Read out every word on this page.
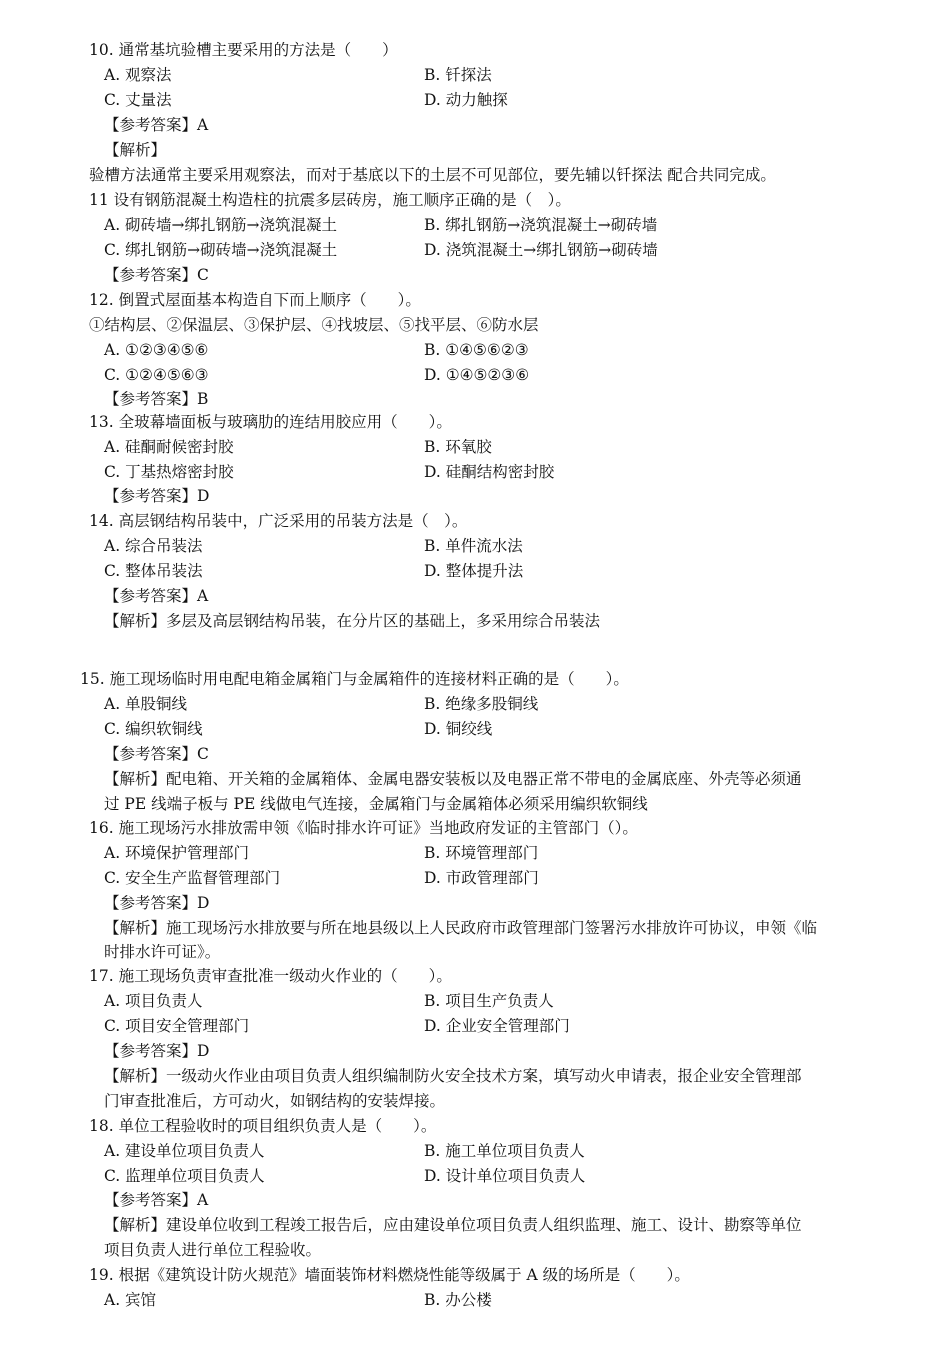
10. 通常基坑验槽主要采用的方法是（　　）
A. 观察法	B. 钎探法
C. 丈量法	D. 动力触探
【参考答案】A
【解析】
验槽方法通常主要采用观察法，而对于基底以下的土层不可见部位，要先辅以钎探法 配合共同完成。
11 设有钢筋混凝土构造柱的抗震多层砖房，施工顺序正确的是（　）。
A. 砌砖墙→绑扎钢筋→浇筑混凝土	B. 绑扎钢筋→浇筑混凝土→砌砖墙
C. 绑扎钢筋→砌砖墙→浇筑混凝土	D. 浇筑混凝土→绑扎钢筋→砌砖墙
【参考答案】C
12. 倒置式屋面基本构造自下而上顺序（　　）。
①结构层、②保温层、③保护层、④找坡层、⑤找平层、⑥防水层
A. ①②③④⑤⑥	B. ①④⑤⑥②③
C. ①②④⑤⑥③	D. ①④⑤②③⑥
【参考答案】B
13. 全玻幕墙面板与玻璃肋的连结用胶应用（　　）。
A. 硅酮耐候密封胶	B. 环氧胶
C. 丁基热熔密封胶	D. 硅酮结构密封胶
【参考答案】D
14. 高层钢结构吊装中，广泛采用的吊装方法是（　）。
A. 综合吊装法	B. 单件流水法
C. 整体吊装法	D. 整体提升法
【参考答案】A
【解析】多层及高层钢结构吊装，在分片区的基础上，多采用综合吊装法
15. 施工现场临时用电配电箱金属箱门与金属箱件的连接材料正确的是（　　）。
A. 单股铜线	B. 绝缘多股铜线
C. 编织软铜线	D. 铜绞线
【参考答案】C
【解析】配电箱、开关箱的金属箱体、金属电器安装板以及电器正常不带电的金属底座、外壳等必须通
过 PE 线端子板与 PE 线做电气连接，金属箱门与金属箱体必须采用编织软铜线
16. 施工现场污水排放需申领《临时排水许可证》当地政府发证的主管部门（）。
A. 环境保护管理部门	B. 环境管理部门
C. 安全生产监督管理部门	D. 市政管理部门
【参考答案】D
【解析】施工现场污水排放要与所在地县级以上人民政府市政管理部门签署污水排放许可协议，申领《临
时排水许可证》。
17. 施工现场负责审查批准一级动火作业的（　　）。
A. 项目负责人	B. 项目生产负责人
C. 项目安全管理部门	D. 企业安全管理部门
【参考答案】D
【解析】一级动火作业由项目负责人组织编制防火安全技术方案，填写动火申请表，报企业安全管理部
门审查批准后，方可动火，如钢结构的安装焊接。
18. 单位工程验收时的项目组织负责人是（　　）。
A. 建设单位项目负责人	B. 施工单位项目负责人
C. 监理单位项目负责人	D. 设计单位项目负责人
【参考答案】A
【解析】建设单位收到工程竣工报告后，应由建设单位项目负责人组织监理、施工、设计、勘察等单位
项目负责人进行单位工程验收。
19. 根据《建筑设计防火规范》墙面装饰材料燃烧性能等级属于 A 级的场所是（　　）。
A. 宾馆	B. 办公楼
